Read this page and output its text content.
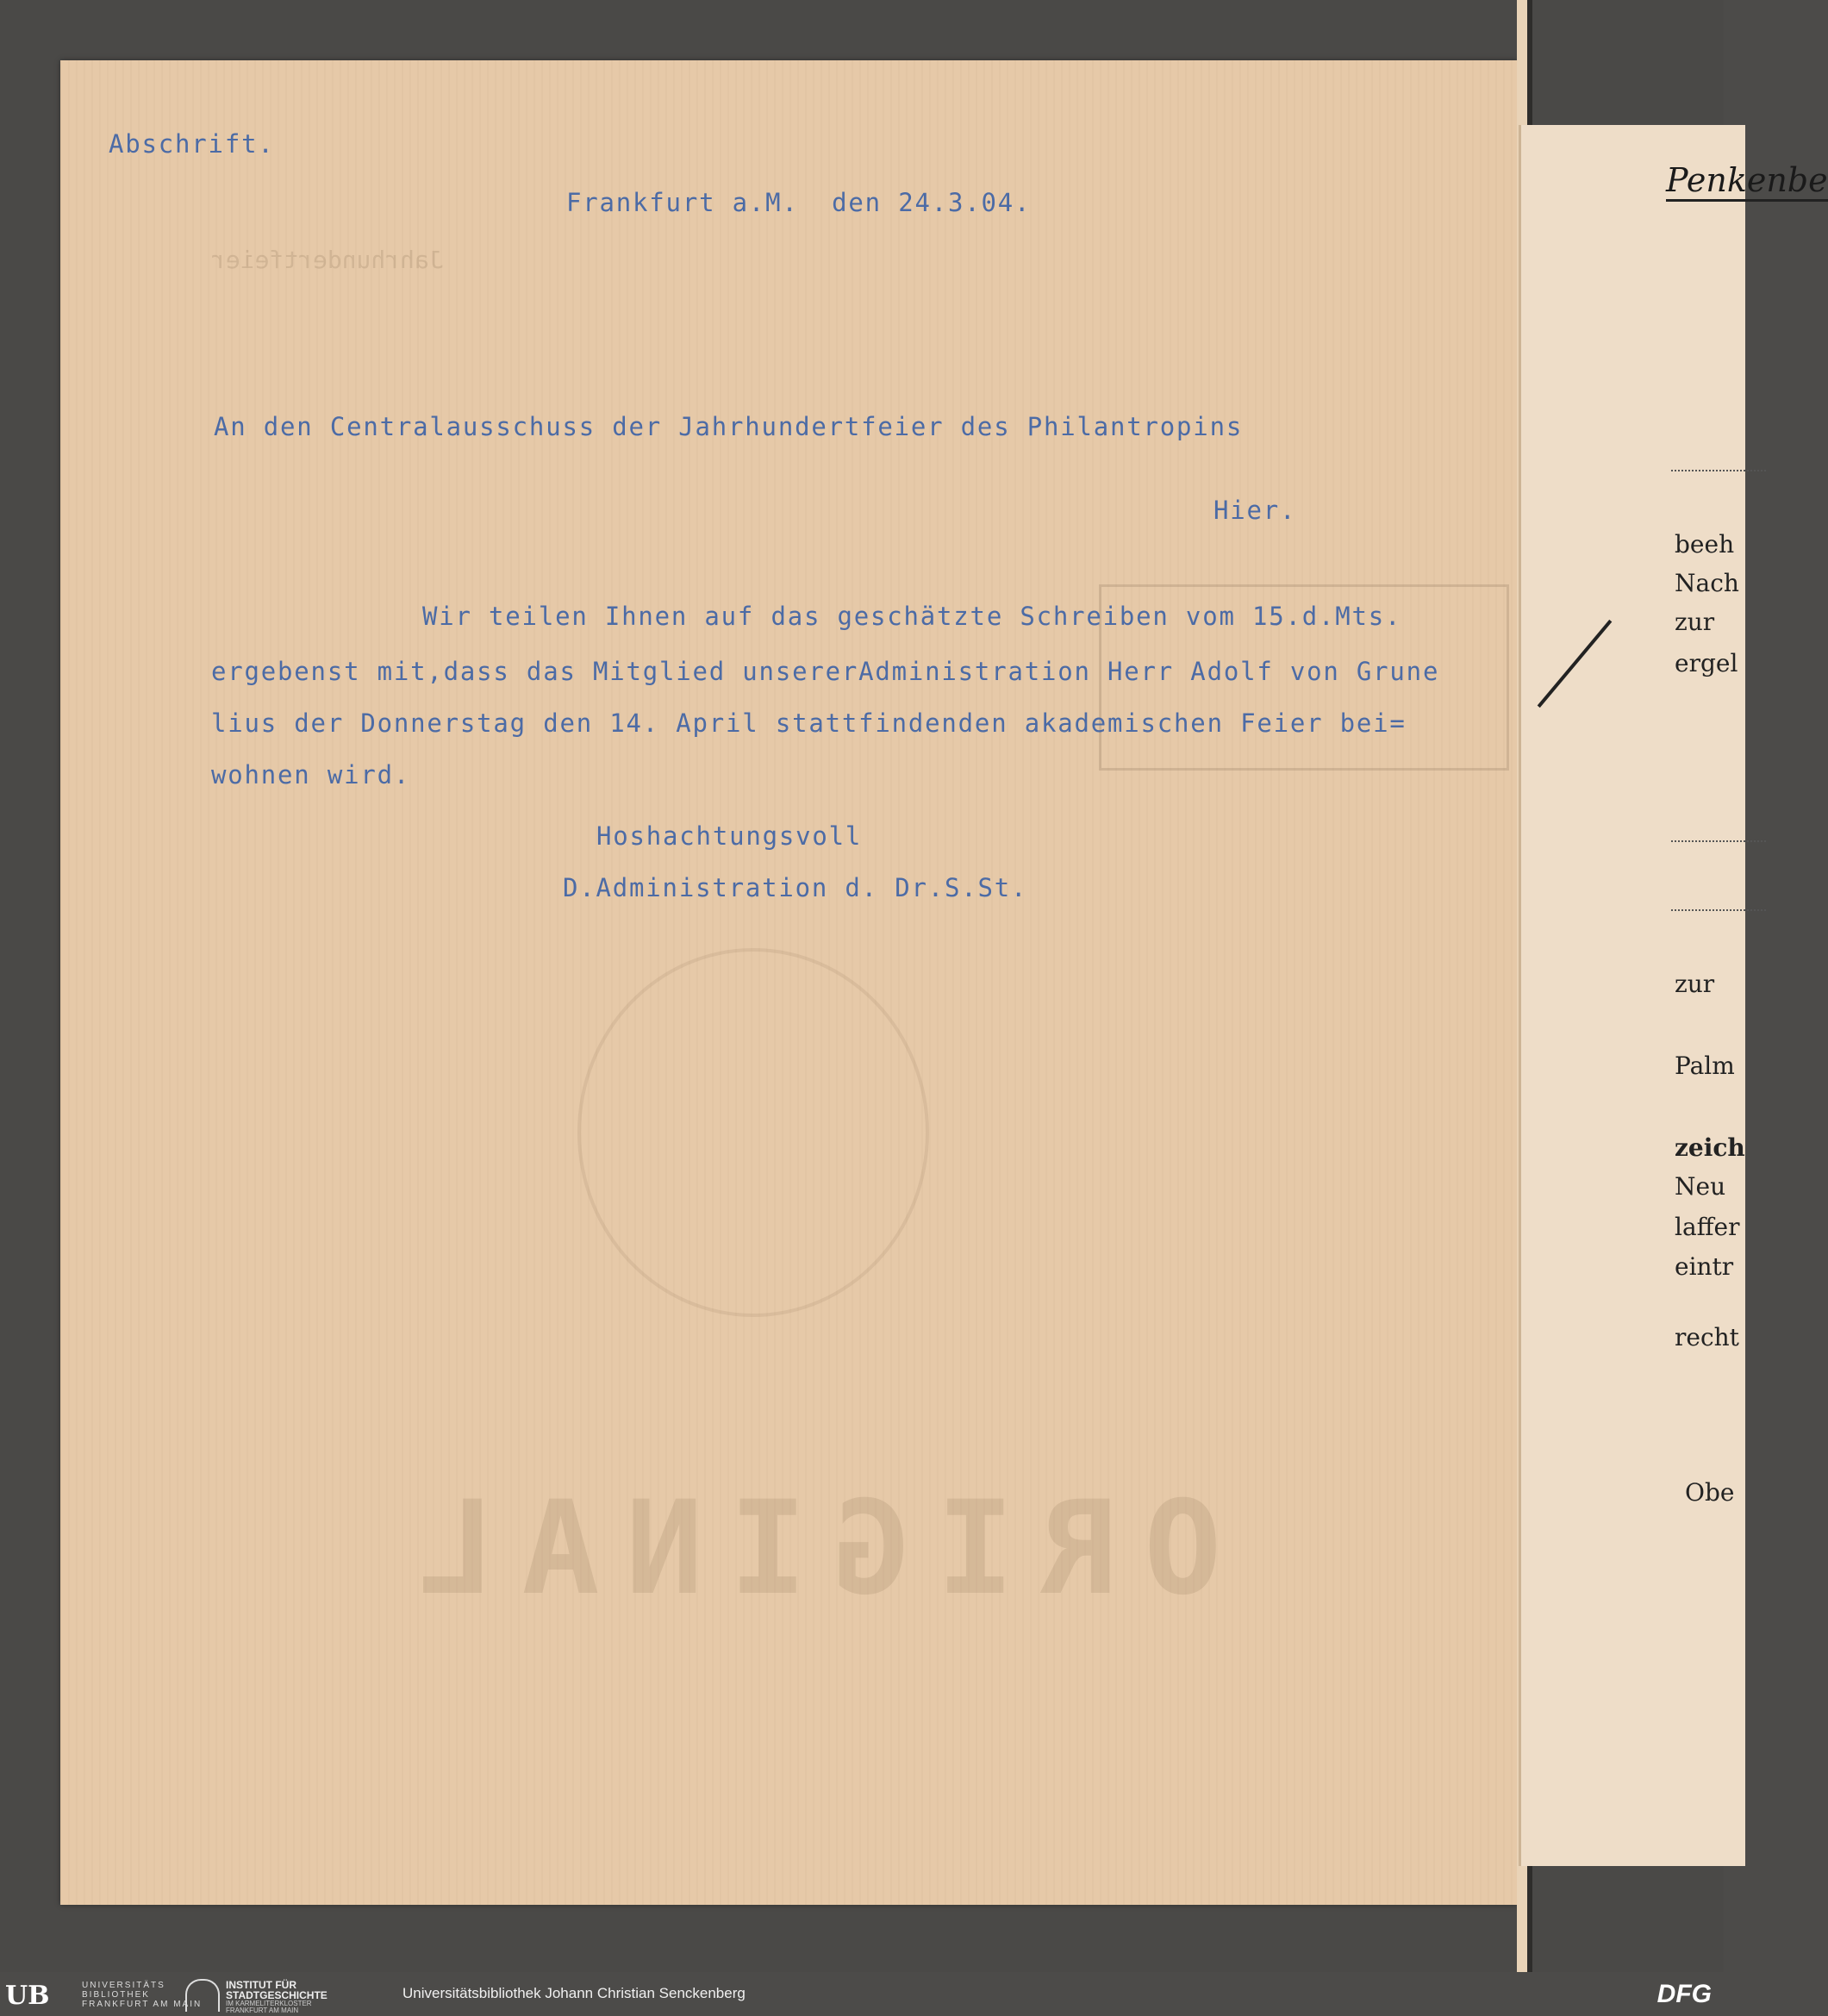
Jahrhundertfeier
ORIGINAL
Abschrift.
Frankfurt a.M.  den 24.3.04.
An den Centralausschuss der Jahrhundertfeier des Philantropins
Hier.
Wir teilen Ihnen auf das geschätzte Schreiben vom 15.d.Mts.
ergebenst mit,dass das Mitglied unsererAdministration Herr Adolf von Grune
lius der Donnerstag den 14. April stattfindenden akademischen Feier bei=
wohnen wird.
Hoshachtungsvoll
D.Administration d. Dr.S.St.
Penkenbe
beeh
Nach
zur
ergel
zur
Palm
zeich
Neu
laffer
eintr
recht
Obe
UB	UNIVERSITÄTS
BIBLIOTHEK
FRANKFURT AM MAIN
INSTITUT FÜR
STADTGESCHICHTE
IM KARMELITERKLOSTER
FRANKFURT AM MAIN
Universitätsbibliothek Johann Christian Senckenberg	DFG
